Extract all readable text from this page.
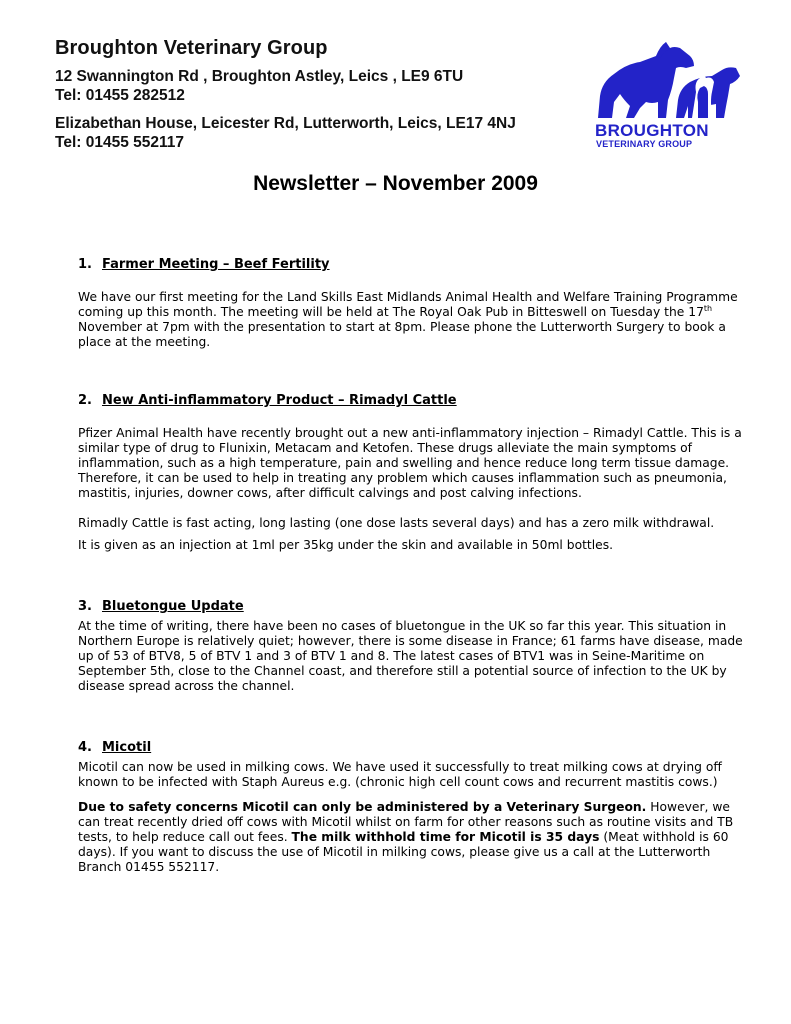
Broughton Veterinary Group
12 Swannington Rd , Broughton Astley, Leics , LE9 6TU
Tel: 01455 282512
Elizabethan House, Leicester Rd, Lutterworth, Leics, LE17 4NJ
Tel: 01455 552117
BROUGHTON
VETERINARY GROUP
Newsletter – November 2009
1. Farmer Meeting – Beef Fertility

We have our first meeting for the Land Skills East Midlands Animal Health and Welfare Training Programme coming up this month. The meeting will be held at The Royal Oak Pub in Bitteswell on Tuesday the 17th November at 7pm with the presentation to start at 8pm. Please phone the Lutterworth Surgery to book a place at the meeting.

2. New Anti-inflammatory Product – Rimadyl Cattle

Pfizer Animal Health have recently brought out a new anti-inflammatory injection – Rimadyl Cattle. This is a similar type of drug to Flunixin, Metacam and Ketofen. These drugs alleviate the main symptoms of inflammation, such as a high temperature, pain and swelling and hence reduce long term tissue damage. Therefore, it can be used to help in treating any problem which causes inflammation such as pneumonia, mastitis, injuries, downer cows, after difficult calvings and post calving infections.

Rimadly Cattle is fast acting, long lasting (one dose lasts several days) and has a zero milk withdrawal.

It is given as an injection at 1ml per 35kg under the skin and available in 50ml bottles.

3. Bluetongue Update

At the time of writing, there have been no cases of bluetongue in the UK so far this year. This situation in Northern Europe is relatively quiet; however, there is some disease in France; 61 farms have disease, made up of 53 of BTV8, 5 of BTV 1 and 3 of BTV 1 and 8. The latest cases of BTV1 was in Seine-Maritime on September 5th, close to the Channel coast, and therefore still a potential source of infection to the UK by disease spread across the channel.

4. Micotil

Micotil can now be used in milking cows. We have used it successfully to treat milking cows at drying off known to be infected with Staph Aureus e.g. (chronic high cell count cows and recurrent mastitis cows.)

Due to safety concerns Micotil can only be administered by a Veterinary Surgeon. However, we can treat recently dried off cows with Micotil whilst on farm for other reasons such as routine visits and TB tests, to help reduce call out fees. The milk withhold time for Micotil is 35 days (Meat withhold is 60 days). If you want to discuss the use of Micotil in milking cows, please give us a call at the Lutterworth Branch 01455 552117.
